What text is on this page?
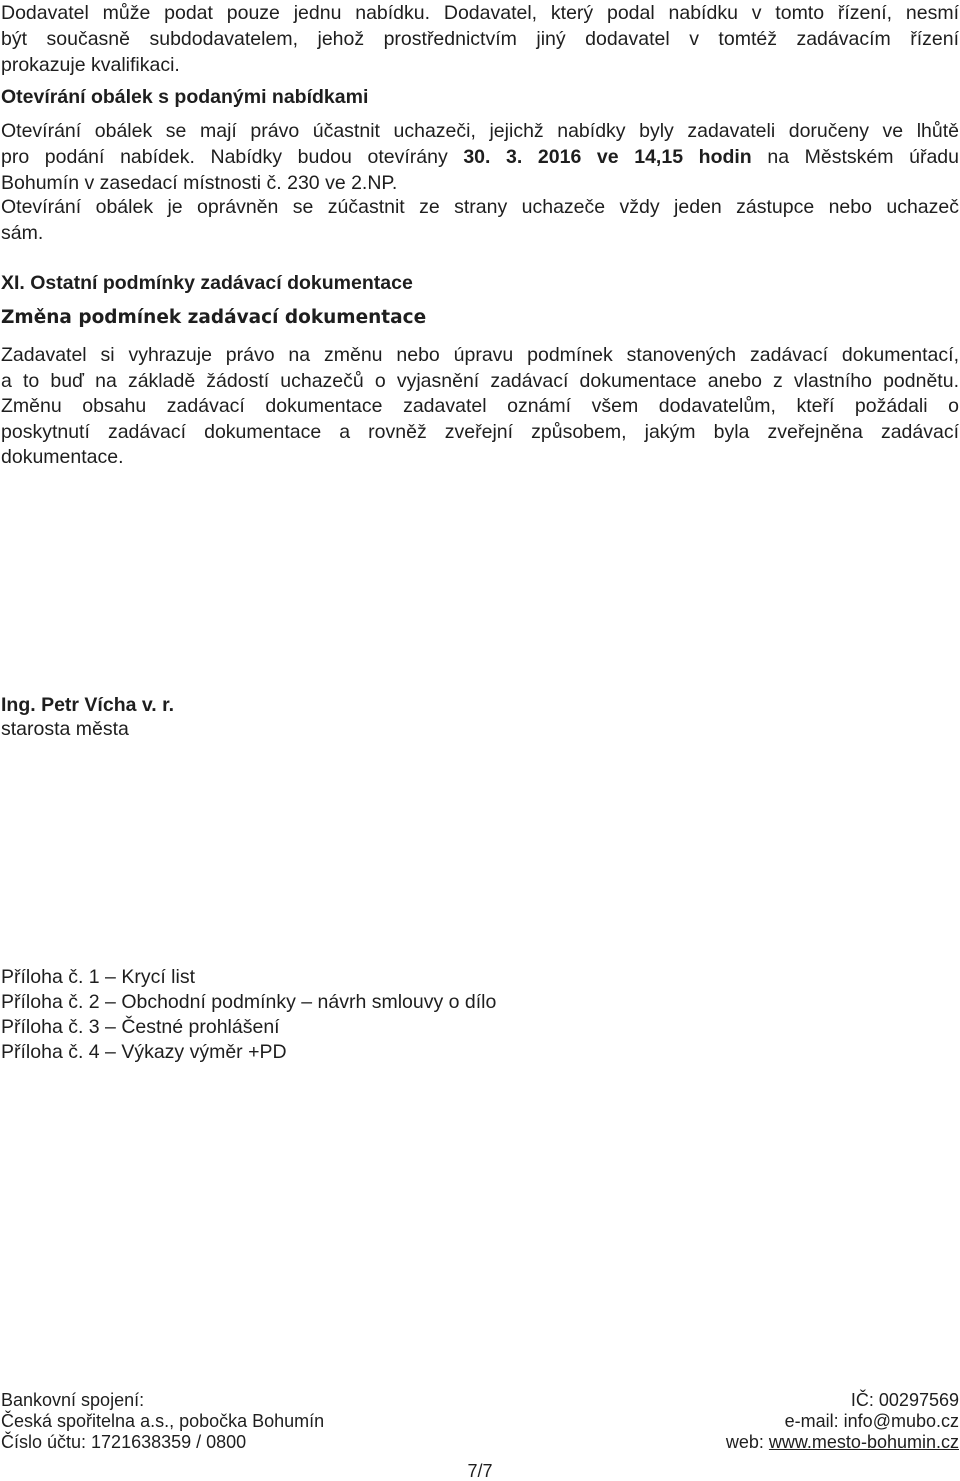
Dodavatel může podat pouze jednu nabídku. Dodavatel, který podal nabídku v tomto řízení, nesmí
být současně subdodavatelem, jehož prostřednictvím jiný dodavatel v tomtéž zadávacím řízení
prokazuje kvalifikaci.
Otevírání obálek s podanými nabídkami
Otevírání obálek se mají právo účastnit uchazeči, jejichž nabídky byly zadavateli doručeny ve lhůtě
pro podání nabídek. Nabídky budou otevírány 30. 3. 2016 ve 14,15 hodin na Městském úřadu
Bohumín v zasedací místnosti č. 230 ve 2.NP.
Otevírání obálek je oprávněn se zúčastnit ze strany uchazeče vždy jeden zástupce nebo uchazeč
sám.
XI. Ostatní podmínky zadávací dokumentace
Změna podmínek zadávací dokumentace
Zadavatel si vyhrazuje právo na změnu nebo úpravu podmínek stanovených zadávací dokumentací,
a to buď na základě žádostí uchazečů o vyjasnění zadávací dokumentace anebo z vlastního podnětu.
Změnu obsahu zadávací dokumentace zadavatel oznámí všem dodavatelům, kteří požádali o
poskytnutí zadávací dokumentace a rovněž zveřejní způsobem, jakým byla zveřejněna zadávací
dokumentace.
Ing. Petr Vícha v. r.
starosta města
Příloha č. 1 – Krycí list
Příloha č. 2 – Obchodní podmínky – návrh smlouvy o dílo
Příloha č. 3 – Čestné prohlášení
Příloha č. 4 – Výkazy výměr +PD
Bankovní spojení:
Česká spořitelna a.s., pobočka Bohumín
Číslo účtu: 1721638359 / 0800
IČ: 00297569
e-mail: info@mubo.cz
web: www.mesto-bohumin.cz
7/7
